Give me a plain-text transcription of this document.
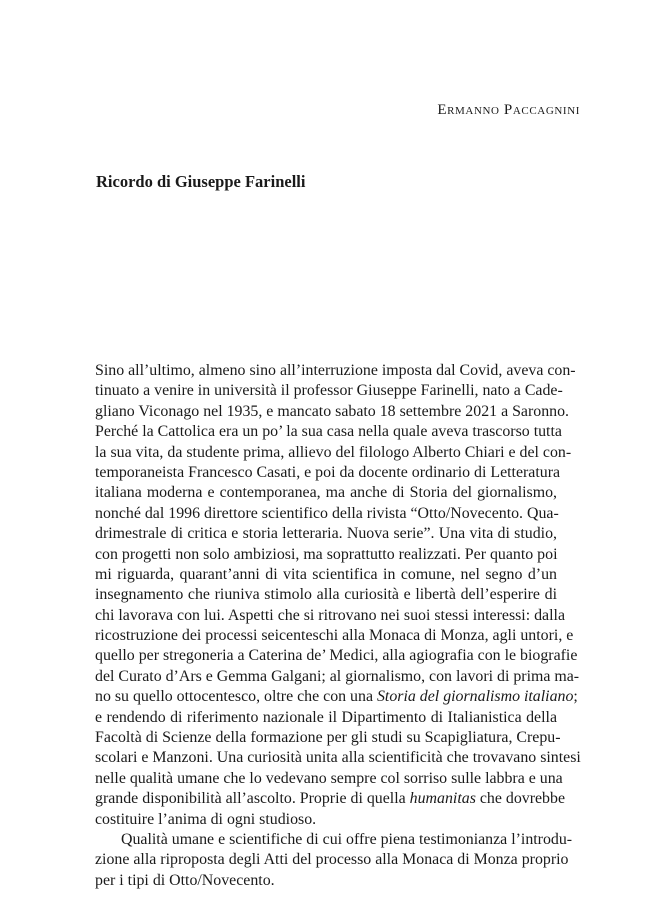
Ermanno Paccagnini

Ricordo di Giuseppe Farinelli
Sino all’ultimo, almeno sino all’interruzione imposta dal Covid, aveva con-
tinuato a venire in università il professor Giuseppe Farinelli, nato a Cade-
gliano Viconago nel 1935, e mancato sabato 18 settembre 2021 a Saronno.
Perché la Cattolica era un po’ la sua casa nella quale aveva trascorso tutta
la sua vita, da studente prima, allievo del filologo Alberto Chiari e del con-
temporaneista Francesco Casati, e poi da docente ordinario di Letteratura
italiana moderna e contemporanea, ma anche di Storia del giornalismo,
nonché dal 1996 direttore scientifico della rivista “Otto/Novecento. Qua-
drimestrale di critica e storia letteraria. Nuova serie”. Una vita di studio,
con progetti non solo ambiziosi, ma soprattutto realizzati. Per quanto poi
mi riguarda, quarant’anni di vita scientifica in comune, nel segno d’un
insegnamento che riuniva stimolo alla curiosità e libertà dell’esperire di
chi lavorava con lui. Aspetti che si ritrovano nei suoi stessi interessi: dalla
ricostruzione dei processi seicenteschi alla Monaca di Monza, agli untori, e
quello per stregoneria a Caterina de’ Medici, alla agiografia con le biografie
del Curato d’Ars e Gemma Galgani; al giornalismo, con lavori di prima ma-
no su quello ottocentesco, oltre che con una Storia del giornalismo italiano;
e rendendo di riferimento nazionale il Dipartimento di Italianistica della
Facoltà di Scienze della formazione per gli studi su Scapigliatura, Crepu-
scolari e Manzoni. Una curiosità unita alla scientificità che trovavano sintesi
nelle qualità umane che lo vedevano sempre col sorriso sulle labbra e una
grande disponibilità all’ascolto. Proprie di quella humanitas che dovrebbe
costituire l’anima di ogni studioso.
Qualità umane e scientifiche di cui offre piena testimonianza l’introdu-
zione alla riproposta degli Atti del processo alla Monaca di Monza proprio
per i tipi di Otto/Novecento.
